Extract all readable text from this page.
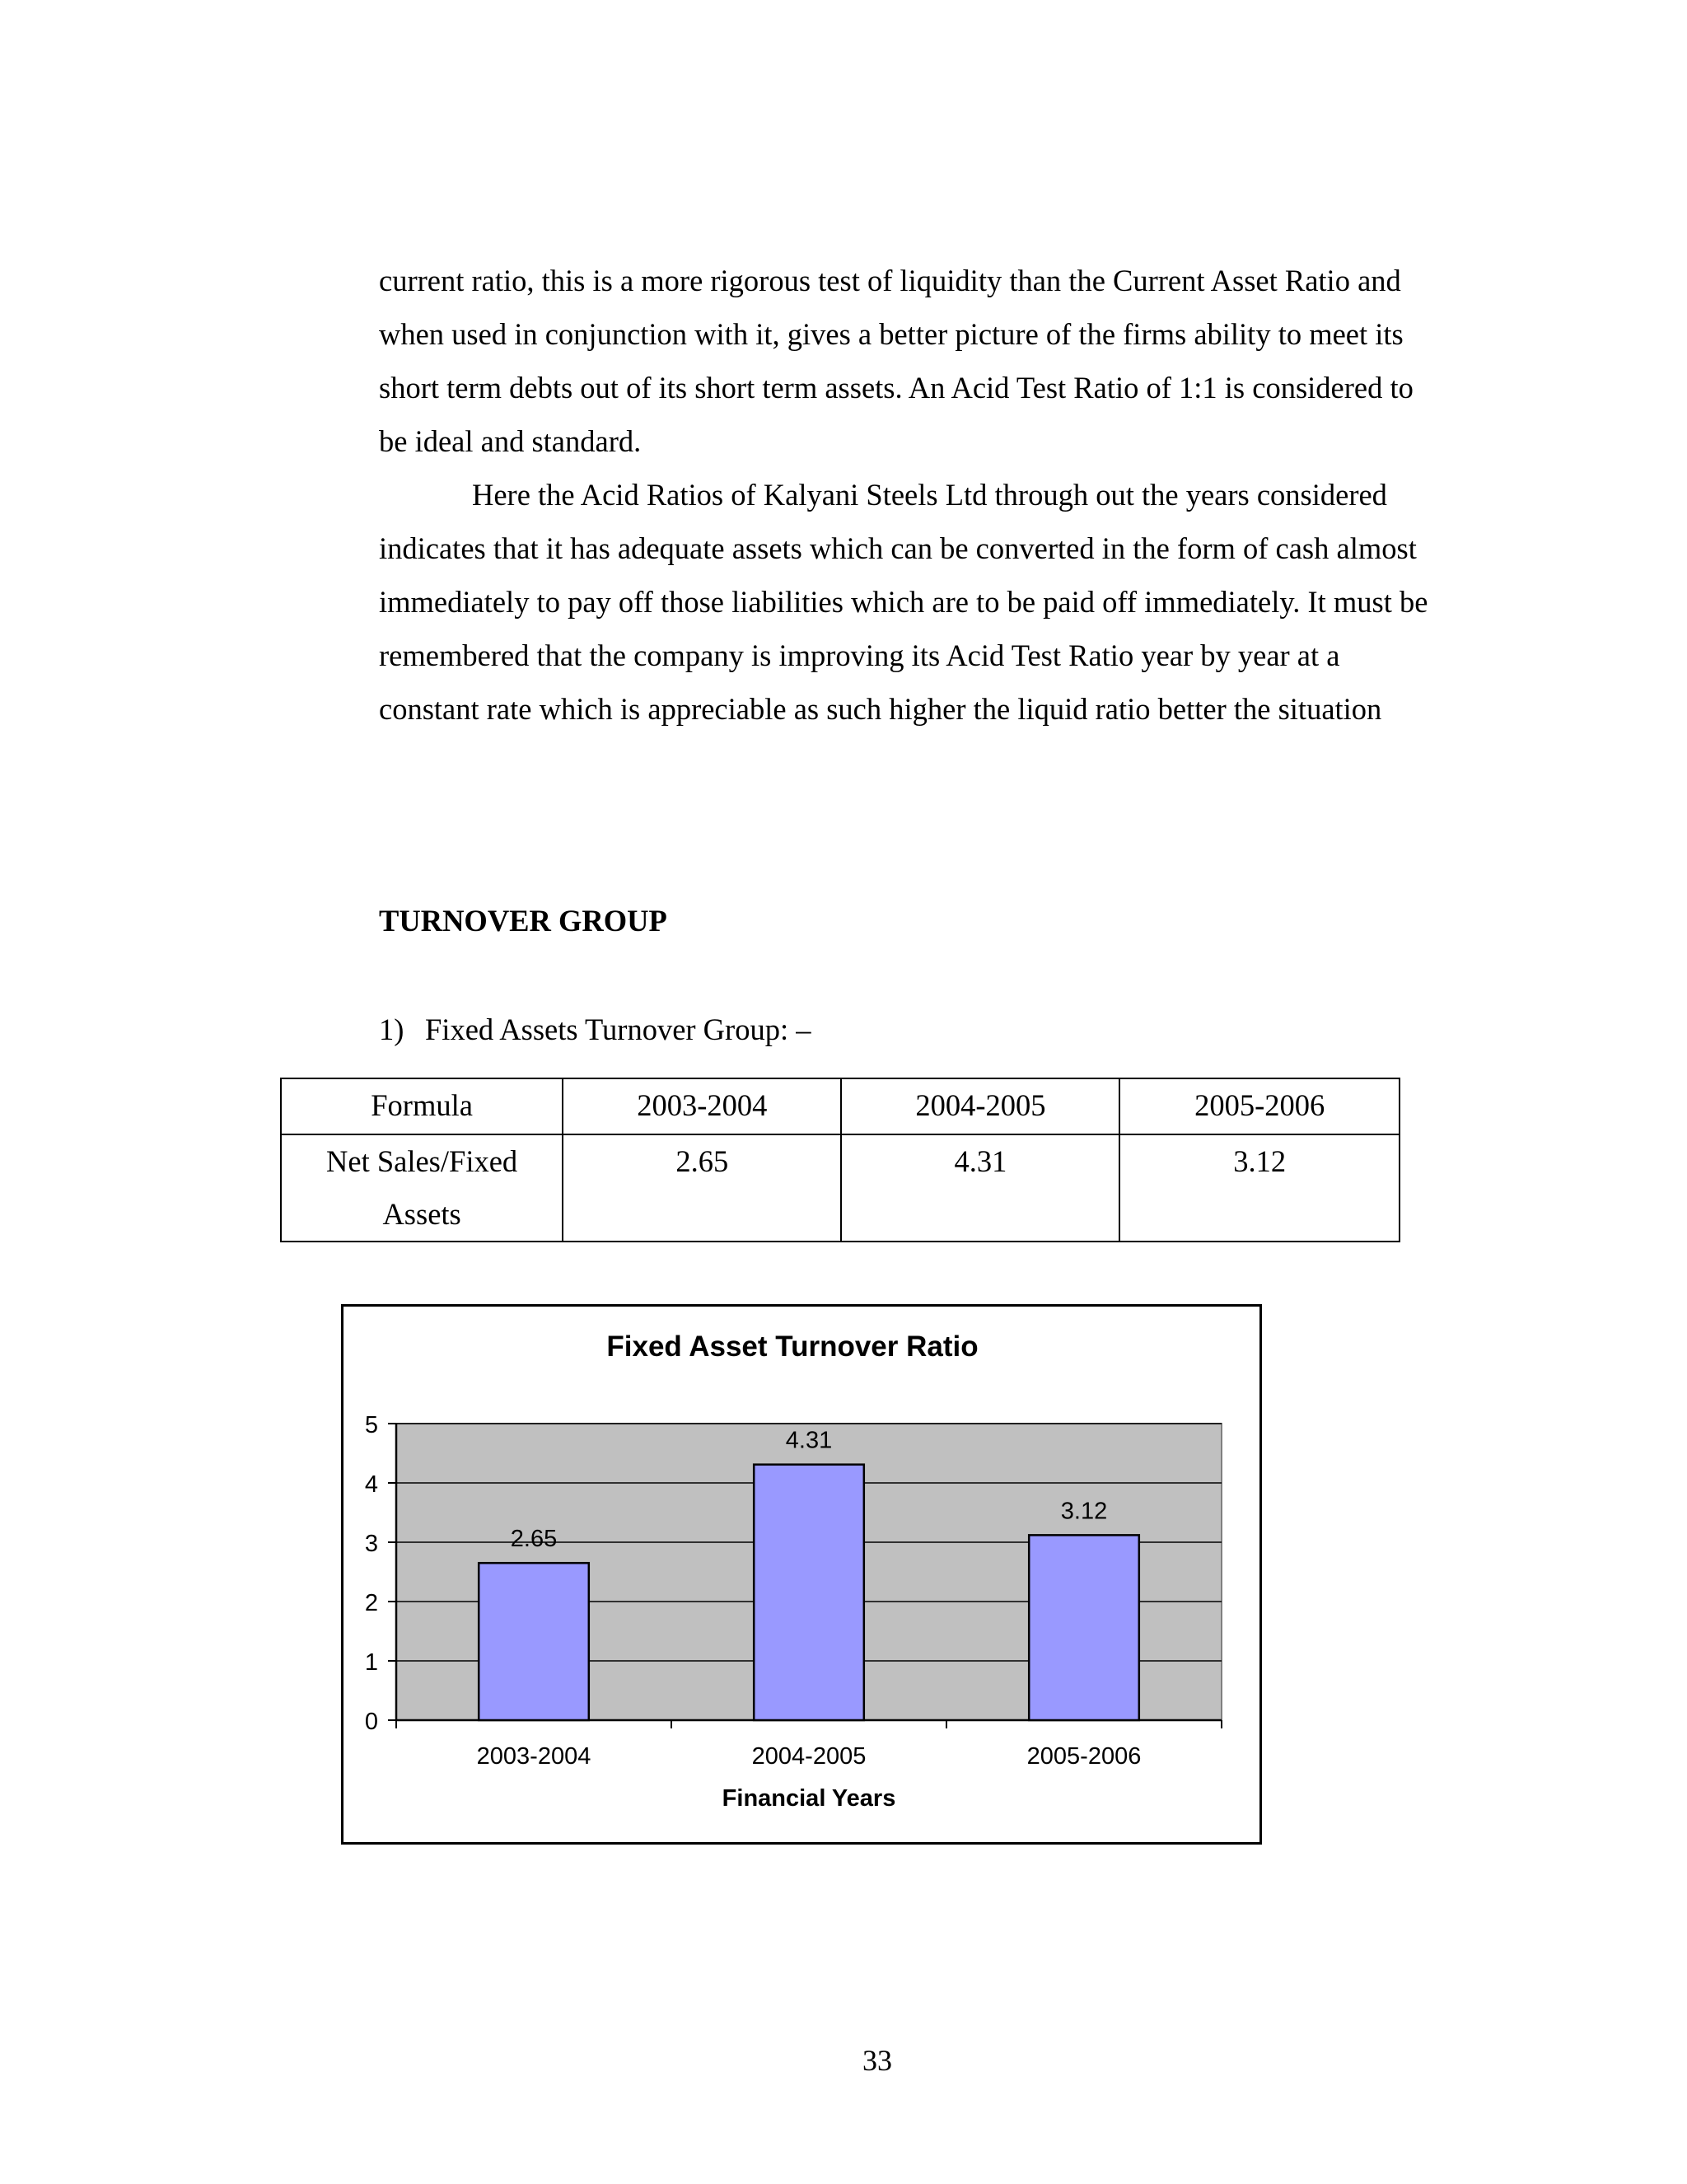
current ratio, this is a more rigorous test of liquidity than the Current Asset Ratio and when used in conjunction with it, gives a better picture of the firms ability to meet its short term debts out of its short term assets. An Acid Test Ratio of 1:1 is considered to be ideal and standard.

Here the Acid Ratios of Kalyani Steels Ltd through out the years considered indicates that it has adequate assets which can be converted in the form of cash almost immediately to pay off those liabilities which are to be paid off immediately. It must be remembered that the company is improving its Acid Test Ratio year by year at a constant rate which is appreciable as such higher the liquid ratio better the situation

TURNOVER GROUP

1) Fixed Assets Turnover Group: –

Formula	2003-2004	2004-2005	2005-2006
Net Sales/Fixed
Assets	2.65	4.31	3.12
Fixed Asset Turnover Ratio
0
1
2
3
4
5
2.65
2003-2004
4.31
2004-2005
3.12
2005-2006
Financial Years
33
